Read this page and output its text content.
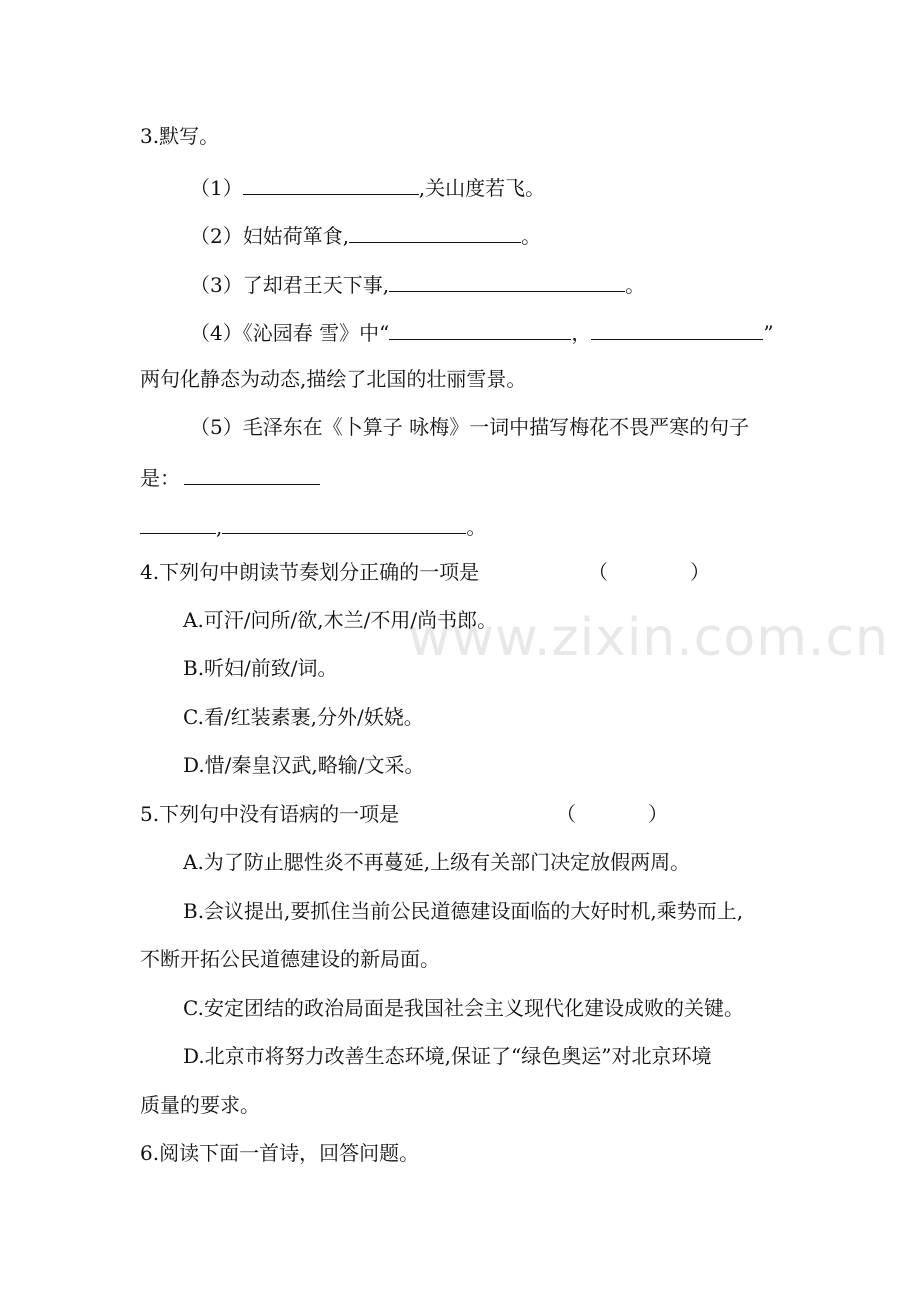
www.zixin.com.cn
3.默写。
（1）	,关山度若飞。
（2）妇姑荷箪食,	。
（3）了却君王天下事,	。
（4）《沁园春 雪》中“	，	”
两句化静态为动态,描绘了北国的壮丽雪景。
（5）毛泽东在《卜算子 咏梅》一词中描写梅花不畏严寒的句子
是：
,	。
4.下列句中朗读节奏划分正确的一项是	（	）
A.可汗/问所/欲,木兰/不用/尚书郎。
B.听妇/前致/词。
C.看/红装素裹,分外/妖娆。
D.惜/秦皇汉武,略输/文采。
5.下列句中没有语病的一项是	（	）
A.为了防止腮性炎不再蔓延,上级有关部门决定放假两周。
B.会议提出,要抓住当前公民道德建设面临的大好时机,乘势而上,
不断开拓公民道德建设的新局面。
C.安定团结的政治局面是我国社会主义现代化建设成败的关键。
D.北京市将努力改善生态环境,保证了“绿色奥运”对北京环境
质量的要求。
6.阅读下面一首诗，回答问题。
